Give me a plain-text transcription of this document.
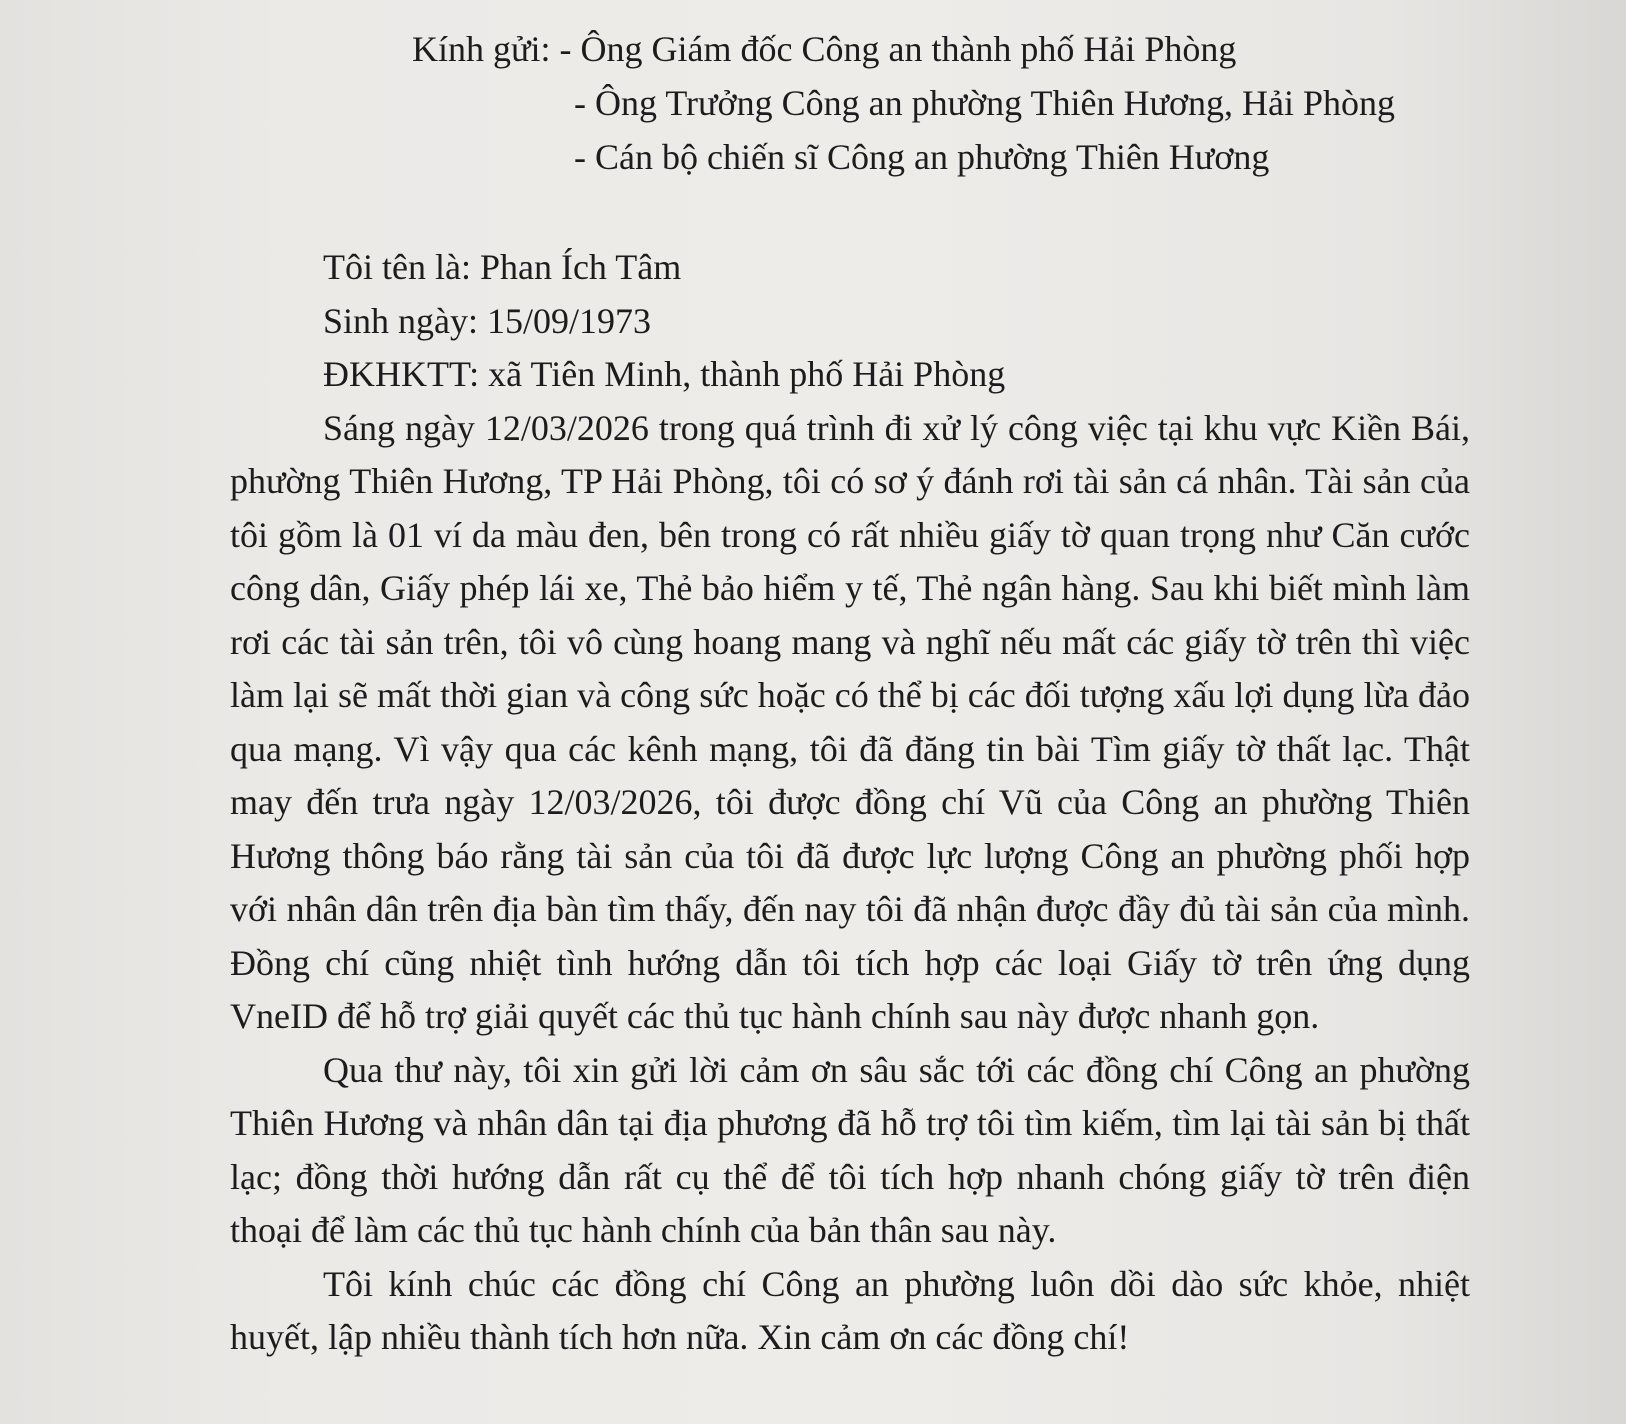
Kính gửi: - Ông Giám đốc Công an thành phố Hải Phòng
- Ông Trưởng Công an phường Thiên Hương, Hải Phòng
- Cán bộ chiến sĩ Công an phường Thiên Hương

Tôi tên là: Phan Ích Tâm

Sinh ngày: 15/09/1973

ĐKHKTT: xã Tiên Minh, thành phố Hải Phòng

Sáng ngày 12/03/2026 trong quá trình đi xử lý công việc tại khu vực Kiền Bái, phường Thiên Hương, TP Hải Phòng, tôi có sơ ý đánh rơi tài sản cá nhân. Tài sản của tôi gồm là 01 ví da màu đen, bên trong có rất nhiều giấy tờ quan trọng như Căn cước công dân, Giấy phép lái xe, Thẻ bảo hiểm y tế, Thẻ ngân hàng. Sau khi biết mình làm rơi các tài sản trên, tôi vô cùng hoang mang và nghĩ nếu mất các giấy tờ trên thì việc làm lại sẽ mất thời gian và công sức hoặc có thể bị các đối tượng xấu lợi dụng lừa đảo qua mạng. Vì vậy qua các kênh mạng, tôi đã đăng tin bài Tìm giấy tờ thất lạc. Thật may đến trưa ngày 12/03/2026, tôi được đồng chí Vũ của Công an phường Thiên Hương thông báo rằng tài sản của tôi đã được lực lượng Công an phường phối hợp với nhân dân trên địa bàn tìm thấy, đến nay tôi đã nhận được đầy đủ tài sản của mình. Đồng chí cũng nhiệt tình hướng dẫn tôi tích hợp các loại Giấy tờ trên ứng dụng VneID để hỗ trợ giải quyết các thủ tục hành chính sau này được nhanh gọn.

Qua thư này, tôi xin gửi lời cảm ơn sâu sắc tới các đồng chí Công an phường Thiên Hương và nhân dân tại địa phương đã hỗ trợ tôi tìm kiếm, tìm lại tài sản bị thất lạc; đồng thời hướng dẫn rất cụ thể để tôi tích hợp nhanh chóng giấy tờ trên điện thoại để làm các thủ tục hành chính của bản thân sau này.

Tôi kính chúc các đồng chí Công an phường luôn dồi dào sức khỏe, nhiệt huyết, lập nhiều thành tích hơn nữa. Xin cảm ơn các đồng chí!
